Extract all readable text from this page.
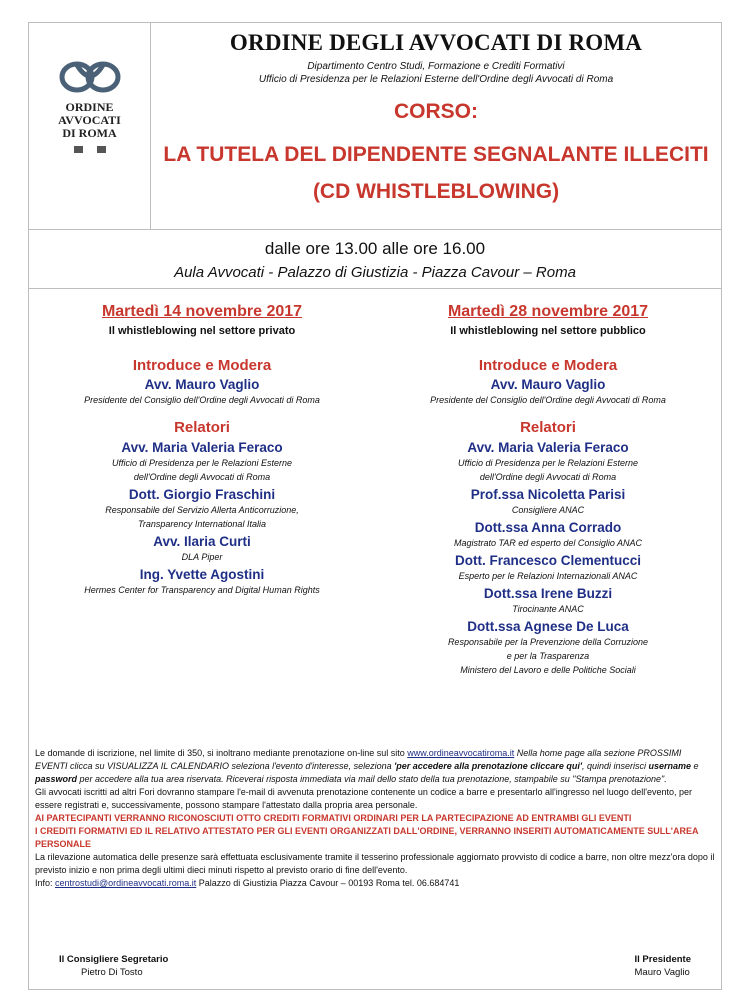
ORDINE
AVVOCATI
DI ROMA
ORDINE DEGLI AVVOCATI DI ROMA
Dipartimento Centro Studi, Formazione e Crediti Formativi
Ufficio di Presidenza per le Relazioni Esterne dell'Ordine degli Avvocati di Roma
CORSO:
LA TUTELA DEL DIPENDENTE SEGNALANTE ILLECITI
(CD WHISTLEBLOWING)
dalle ore 13.00 alle ore 16.00
Aula Avvocati - Palazzo di Giustizia - Piazza Cavour – Roma
Martedì 14 novembre 2017
Il whistleblowing nel settore privato
Introduce e Modera
Avv. Mauro Vaglio
Presidente del Consiglio dell'Ordine degli Avvocati di Roma
Relatori
Avv. Maria Valeria Feraco
Ufficio di Presidenza per le Relazioni Esterne
dell'Ordine degli Avvocati di Roma
Dott. Giorgio Fraschini
Responsabile del Servizio Allerta Anticorruzione,
Transparency International Italia
Avv. Ilaria Curti
DLA Piper
Ing. Yvette Agostini
Hermes Center for Transparency and Digital Human Rights
Martedì 28 novembre 2017
Il whistleblowing nel settore pubblico
Introduce e Modera
Avv. Mauro Vaglio
Presidente del Consiglio dell'Ordine degli Avvocati di Roma
Relatori
Avv. Maria Valeria Feraco
Ufficio di Presidenza per le Relazioni Esterne
dell'Ordine degli Avvocati di Roma
Prof.ssa Nicoletta Parisi
Consigliere ANAC
Dott.ssa Anna Corrado
Magistrato TAR ed esperto del Consiglio ANAC
Dott. Francesco Clementucci
Esperto per le Relazioni Internazionali ANAC
Dott.ssa Irene Buzzi
Tirocinante ANAC
Dott.ssa Agnese De Luca
Responsabile per la Prevenzione della Corruzione
e per la Trasparenza
Ministero del Lavoro e delle Politiche Sociali

Le domande di iscrizione, nel limite di 350, si inoltrano mediante prenotazione on-line sul sito www.ordineavvocatiroma.it Nella home page alla sezione PROSSIMI EVENTI clicca su VISUALIZZA IL CALENDARIO seleziona l'evento d'interesse, seleziona 'per accedere alla prenotazione cliccare qui', quindi inserisci username e password per accedere alla tua area riservata. Riceverai risposta immediata via mail dello stato della tua prenotazione, stampabile su "Stampa prenotazione".

Gli avvocati iscritti ad altri Fori dovranno stampare l'e-mail di avvenuta prenotazione contenente un codice a barre e presentarlo all'ingresso nel luogo dell'evento, per essere registrati e, successivamente, possono stampare l'attestato dalla propria area personale.

AI PARTECIPANTI VERRANNO RICONOSCIUTI OTTO CREDITI FORMATIVI ORDINARI PER LA PARTECIPAZIONE AD ENTRAMBI GLI EVENTI

I CREDITI FORMATIVI ED IL RELATIVO ATTESTATO PER GLI EVENTI ORGANIZZATI DALL'ORDINE, VERRANNO INSERITI AUTOMATICAMENTE SULL'AREA PERSONALE

La rilevazione automatica delle presenze sarà effettuata esclusivamente tramite il tesserino professionale aggiornato provvisto di codice a barre, non oltre mezz'ora dopo il previsto inizio e non prima degli ultimi dieci minuti rispetto al previsto orario di fine dell'evento.

Info: centrostudi@ordineavvocati.roma.it Palazzo di Giustizia Piazza Cavour – 00193 Roma tel. 06.684741

Il Consigliere Segretario
Pietro Di Tosto
Il Presidente
Mauro Vaglio
